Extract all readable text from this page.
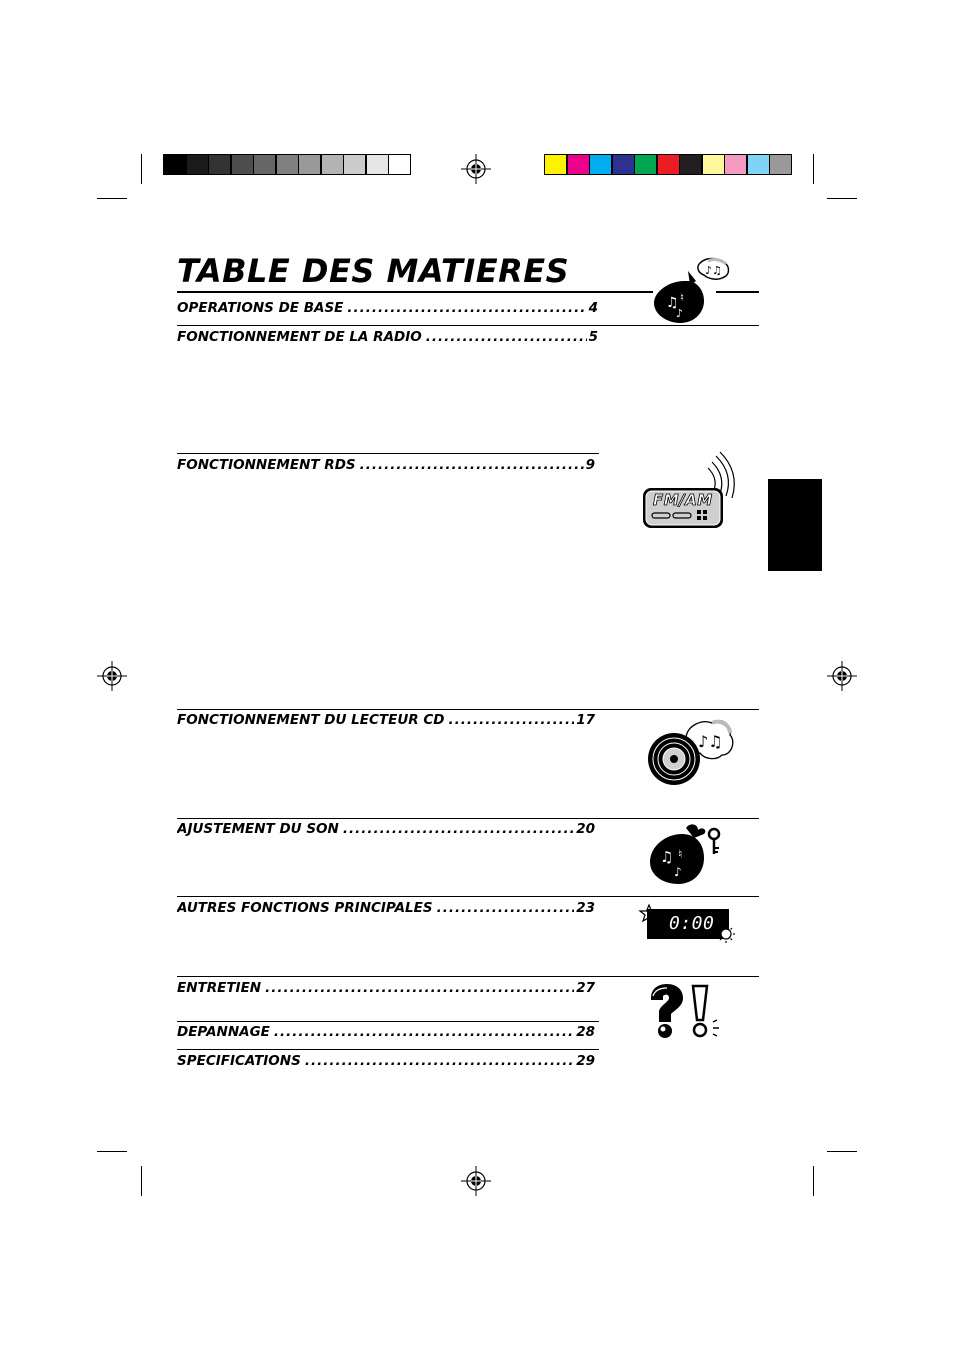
TABLE DES MATIERES
OPERATIONS DE BASE .....	4
FONCTIONNEMENT DE LA RADIO .....	5
FONCTIONNEMENT RDS .....	9
FONCTIONNEMENT DU LECTEUR CD .....	17
AJUSTEMENT DU SON .....	20
AUTRES FONCTIONS PRINCIPALES .....	23
ENTRETIEN .....	27
DEPANNAGE .....	28
SPECIFICATIONS .....	29
♪♫
♫ ♮
♪
FM/AM
♪♫
♫ ♮
♪
0:00
